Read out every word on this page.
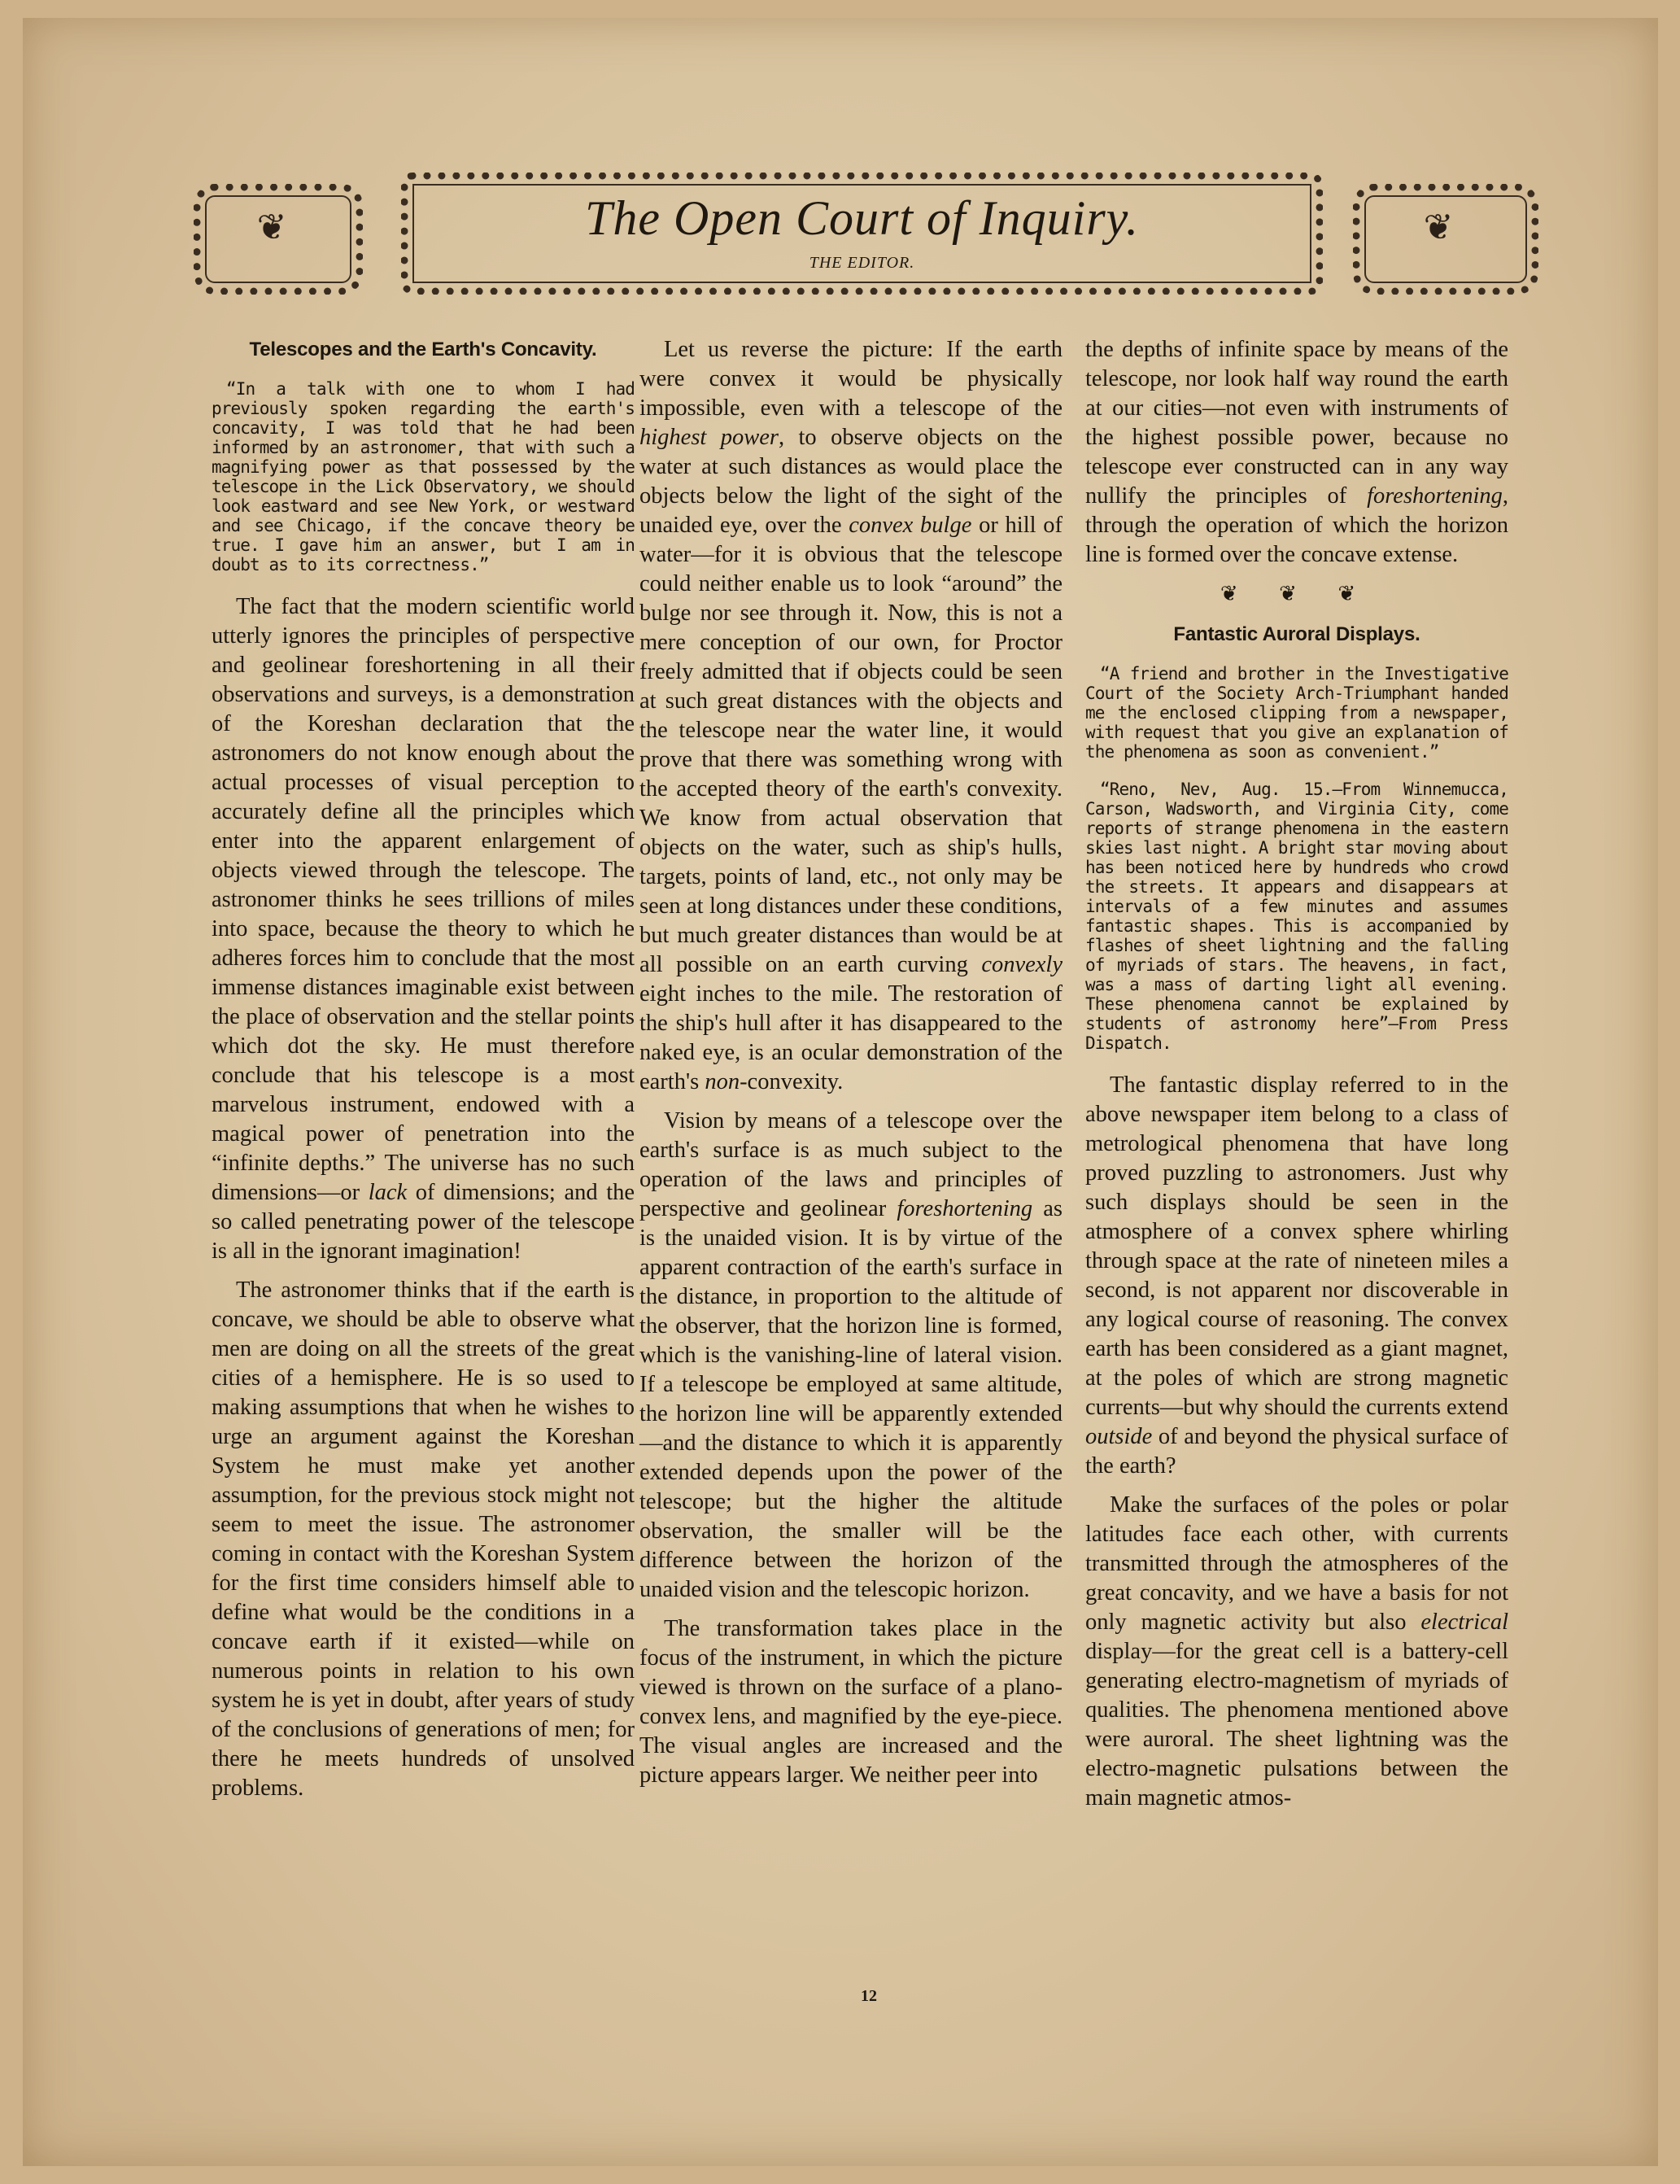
❦	❦
The Open Court of Inquiry.
THE EDITOR.
Telescopes and the Earth's Concavity.
“In a talk with one to whom I had previously spoken regarding the earth's concavity, I was told that he had been informed by an astronomer, that with such a magnifying power as that possessed by the telescope in the Lick Observatory, we should look eastward and see New York, or westward and see Chicago, if the concave theory be true. I gave him an answer, but I am in doubt as to its correctness.”

The fact that the modern scientific world utterly ignores the principles of perspective and geolinear foreshortening in all their observations and surveys, is a demonstration of the Koreshan declaration that the astronomers do not know enough about the actual processes of visual perception to accurately define all the principles which enter into the apparent enlargement of objects viewed through the telescope. The astronomer thinks he sees trillions of miles into space, because the theory to which he adheres forces him to conclude that the most immense distances imaginable exist between the place of observation and the stellar points which dot the sky. He must therefore conclude that his telescope is a most marvelous instrument, endowed with a magical power of penetration into the “infinite depths.” The universe has no such dimensions—or lack of dimensions; and the so called penetrating power of the telescope is all in the ignorant imagination!

The astronomer thinks that if the earth is concave, we should be able to observe what men are doing on all the streets of the great cities of a hemisphere. He is so used to making assumptions that when he wishes to urge an argument against the Koreshan System he must make yet another assumption, for the previous stock might not seem to meet the issue. The astronomer coming in contact with the Koreshan System for the first time considers himself able to define what would be the conditions in a concave earth if it existed—while on numerous points in relation to his own system he is yet in doubt, after years of study of the conclusions of generations of men; for there he meets hundreds of unsolved problems.

Let us reverse the picture: If the earth were convex it would be physically impossible, even with a telescope of the highest power, to observe objects on the water at such distances as would place the objects below the light of the sight of the unaided eye, over the convex bulge or hill of water—for it is obvious that the telescope could neither enable us to look “around” the bulge nor see through it. Now, this is not a mere conception of our own, for Proctor freely admitted that if objects could be seen at such great distances with the objects and the telescope near the water line, it would prove that there was something wrong with the accepted theory of the earth's convexity. We know from actual observation that objects on the water, such as ship's hulls, targets, points of land, etc., not only may be seen at long distances under these conditions, but much greater distances than would be at all possible on an earth curving convexly eight inches to the mile. The restoration of the ship's hull after it has disappeared to the naked eye, is an ocular demonstration of the earth's non-convexity.

Vision by means of a telescope over the earth's surface is as much subject to the operation of the laws and principles of perspective and geolinear foreshortening as is the unaided vision. It is by virtue of the apparent contraction of the earth's surface in the distance, in proportion to the altitude of the observer, that the horizon line is formed, which is the vanishing-line of lateral vision. If a telescope be employed at same altitude, the horizon line will be apparently extended—and the distance to which it is apparently extended depends upon the power of the telescope; but the higher the altitude observation, the smaller will be the difference between the horizon of the unaided vision and the telescopic horizon.

The transformation takes place in the focus of the instrument, in which the picture viewed is thrown on the surface of a plano-convex lens, and magnified by the eye-piece. The visual angles are increased and the picture appears larger. We neither peer into

the depths of infinite space by means of the telescope, nor look half way round the earth at our cities—not even with instruments of the highest possible power, because no telescope ever constructed can in any way nullify the principles of foreshortening, through the operation of which the horizon line is formed over the concave extense.

❦ ❦ ❦
Fantastic Auroral Displays.
“A friend and brother in the Investigative Court of the Society Arch-Triumphant handed me the enclosed clipping from a newspaper, with request that you give an explanation of the phenomena as soon as convenient.”
“Reno, Nev, Aug. 15.—From Winnemucca, Carson, Wadsworth, and Virginia City, come reports of strange phenomena in the eastern skies last night. A bright star moving about has been noticed here by hundreds who crowd the streets. It appears and disappears at intervals of a few minutes and assumes fantastic shapes. This is accompanied by flashes of sheet lightning and the falling of myriads of stars. The heavens, in fact, was a mass of darting light all evening. These phenomena cannot be explained by students of astronomy here”—From Press Dispatch.

The fantastic display referred to in the above newspaper item belong to a class of metrological phenomena that have long proved puzzling to astronomers. Just why such displays should be seen in the atmosphere of a convex sphere whirling through space at the rate of nineteen miles a second, is not apparent nor discoverable in any logical course of reasoning. The convex earth has been considered as a giant magnet, at the poles of which are strong magnetic currents—but why should the currents extend outside of and beyond the physical surface of the earth?

Make the surfaces of the poles or polar latitudes face each other, with currents transmitted through the atmospheres of the great concavity, and we have a basis for not only magnetic activity but also electrical display—for the great cell is a battery-cell generating electro-magnetism of myriads of qualities. The phenomena mentioned above were auroral. The sheet lightning was the electro-magnetic pulsations between the main magnetic atmos-

12
